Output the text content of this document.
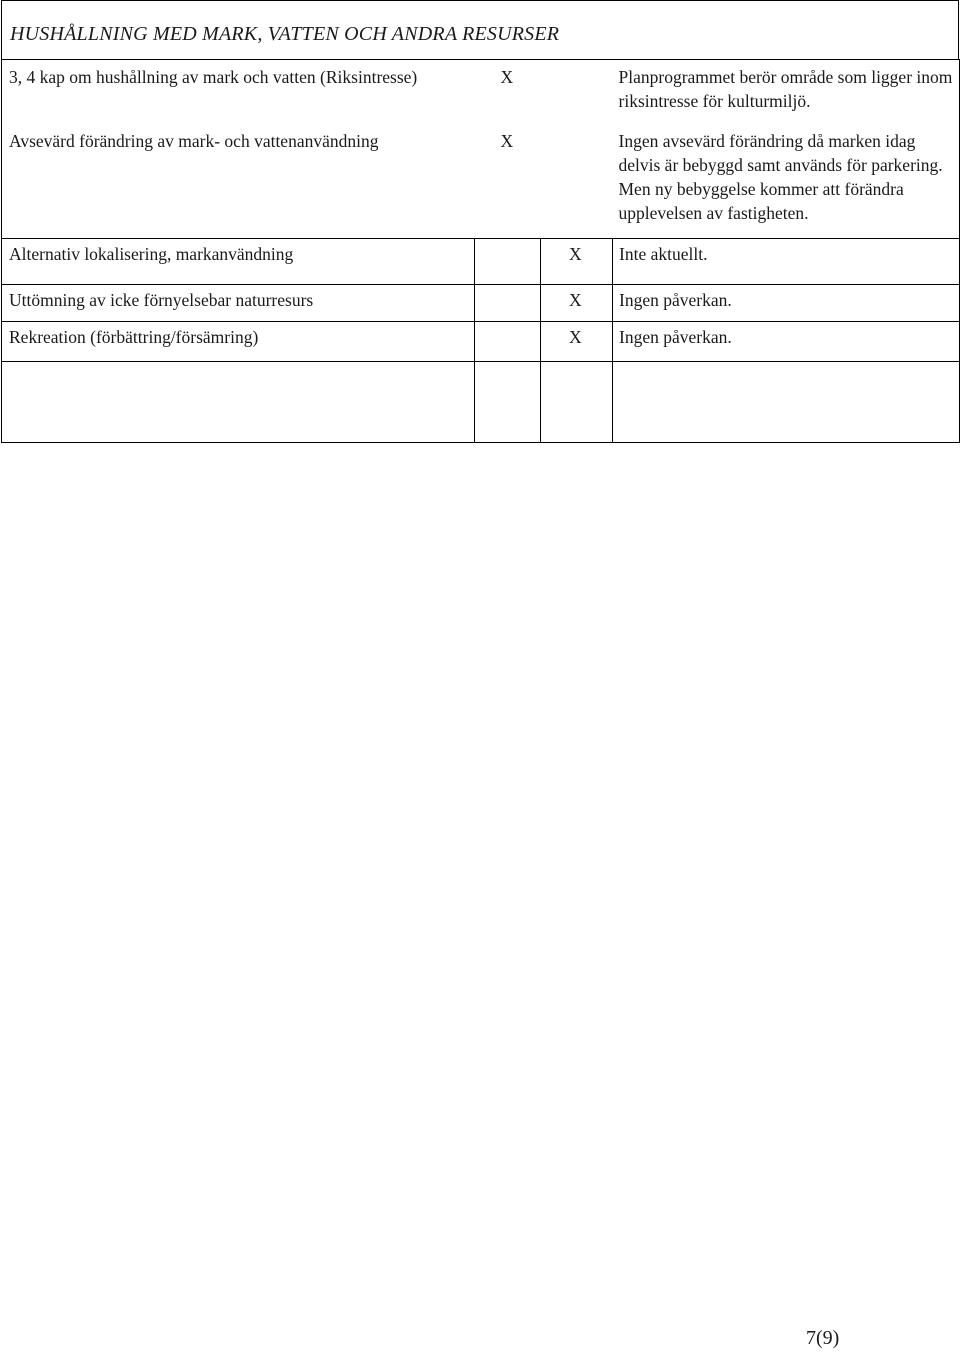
HUSHÅLLNING MED MARK, VATTEN OCH ANDRA RESURSER
3, 4 kap om hushållning av mark och vatten (Riksintresse)	X		Planprogrammet berör område som ligger inom riksintresse för kulturmiljö.
Avsevärd förändring av mark- och vattenanvändning	X		Ingen avsevärd förändring då marken idag delvis är bebyggd samt används för parkering. Men ny bebyggelse kommer att förändra upplevelsen av fastigheten.
Alternativ lokalisering, markanvändning		X	Inte aktuellt.
Uttömning av icke förnyelsebar naturresurs		X	Ingen påverkan.
Rekreation (förbättring/försämring)		X	Ingen påverkan.

7(9)
